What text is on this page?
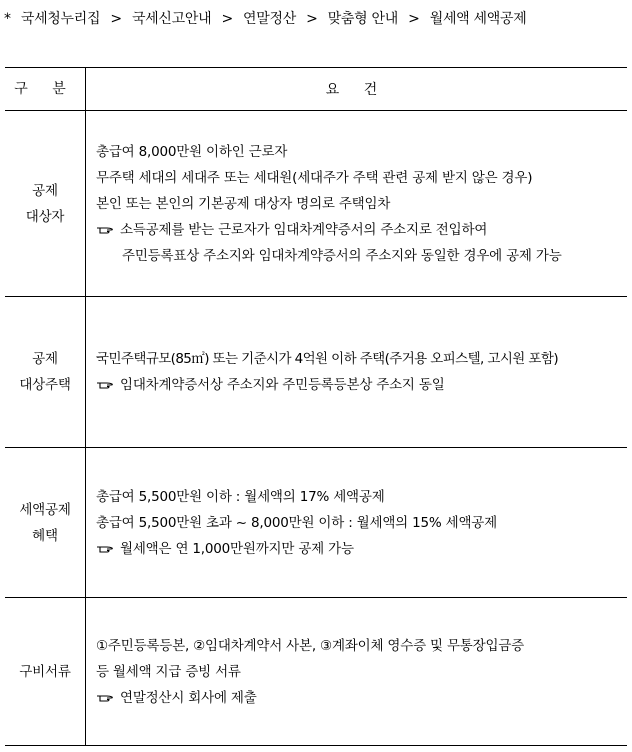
* 국세청누리집 > 국세신고안내 > 연말정산 > 맞춤형 안내 > 월세액 세액공제
구 분	요 건

공제
대상자	총급여 8,000만원 이하인 근로자
무주택 세대의 세대주 또는 세대원(세대주가 주택 관련 공제 받지 않은 경우)
본인 또는 본인의 기본공제 대상자 명의로 주택임차
소득공제를 받는 근로자가 임대차계약증서의 주소지로 전입하여
주민등록표상 주소지와 임대차계약증서의 주소지와 동일한 경우에 공제 가능

공제
대상주택	국민주택규모(85㎡) 또는 기준시가 4억원 이하 주택(주거용 오피스텔, 고시원 포함)
임대차계약증서상 주소지와 주민등록등본상 주소지 동일

세액공제
혜택	총급여 5,500만원 이하 : 월세액의 17% 세액공제
총급여 5,500만원 초과 ~ 8,000만원 이하 : 월세액의 15% 세액공제
월세액은 연 1,000만원까지만 공제 가능

구비서류	①주민등록등본, ②임대차계약서 사본, ③계좌이체 영수증 및 무통장입금증
등 월세액 지급 증빙 서류
연말정산시 회사에 제출
